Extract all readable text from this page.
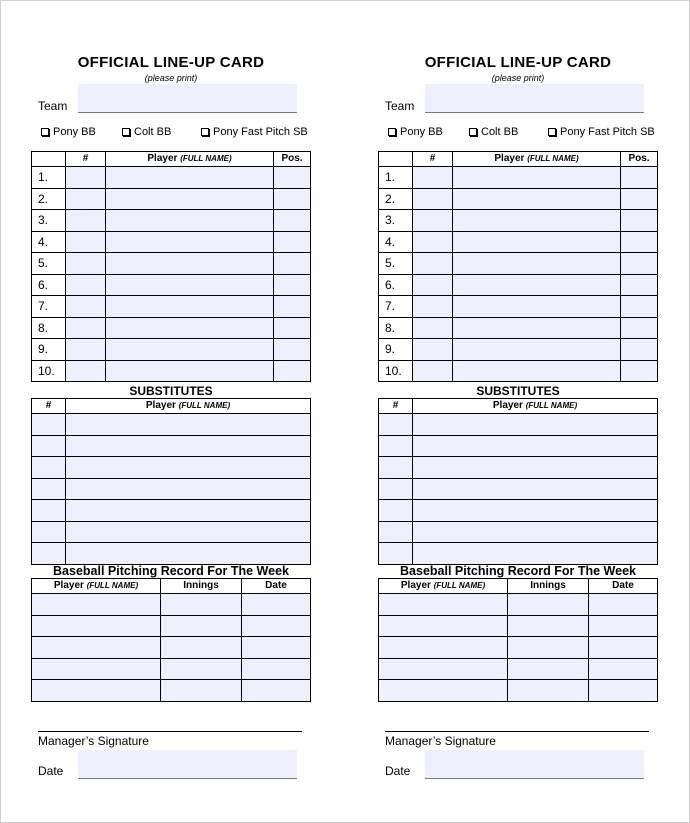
OFFICIAL LINE-UP CARD
(please print)
Team
Pony BB	Colt BB	Pony Fast Pitch SB
	#	Player (FULL NAME)	Pos.
1.			
2.			
3.			
4.			
5.			
6.			
7.			
8.			
9.			
10.			
SUBSTITUTES
#	Player (FULL NAME)

Baseball Pitching Record For The Week
Player (FULL NAME)	Innings	Date

Manager’s Signature
Date
OFFICIAL LINE-UP CARD
(please print)
Team
Pony BB	Colt BB	Pony Fast Pitch SB
	#	Player (FULL NAME)	Pos.
1.			
2.			
3.			
4.			
5.			
6.			
7.			
8.			
9.			
10.			
SUBSTITUTES
#	Player (FULL NAME)

Baseball Pitching Record For The Week
Player (FULL NAME)	Innings	Date

Manager’s Signature
Date
